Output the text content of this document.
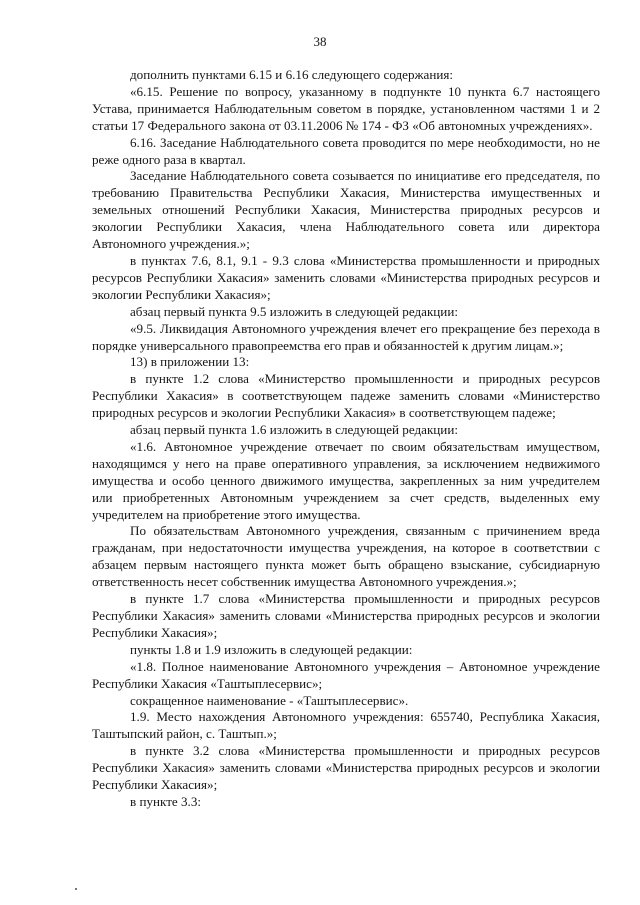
38

дополнить пунктами 6.15 и 6.16 следующего содержания:

«6.15. Решение по вопросу, указанному в подпункте 10 пункта 6.7 настоящего Устава, принимается Наблюдательным советом в порядке, установленном частями 1 и 2 статьи 17 Федерального закона от 03.11.2006 № 174 - ФЗ «Об автономных учреждениях».

6.16. Заседание Наблюдательного совета проводится по мере необходимости, но не реже одного раза в квартал.

Заседание Наблюдательного совета созывается по инициативе его председателя, по требованию Правительства Республики Хакасия, Министерства имущественных и земельных отношений Республики Хакасия, Министерства природных ресурсов и экологии Республики Хакасия, члена Наблюдательного совета или директора Автономного учреждения.»;

в пунктах 7.6, 8.1, 9.1 - 9.3 слова «Министерства промышленности и природных ресурсов Республики Хакасия» заменить словами «Министерства природных ресурсов и экологии Республики Хакасия»;

абзац первый пункта 9.5 изложить в следующей редакции:

«9.5. Ликвидация Автономного учреждения влечет его прекращение без перехода в порядке универсального правопреемства его прав и обязанностей к другим лицам.»;

13) в приложении 13:

в пункте 1.2 слова «Министерство промышленности и природных ресурсов Республики Хакасия» в соответствующем падеже заменить словами «Министерство природных ресурсов и экологии Республики Хакасия» в соответствующем падеже;

абзац первый пункта 1.6 изложить в следующей редакции:

«1.6. Автономное учреждение отвечает по своим обязательствам имуществом, находящимся у него на праве оперативного управления, за исключением недвижимого имущества и особо ценного движимого имущества, закрепленных за ним учредителем или приобретенных Автономным учреждением за счет средств, выделенных ему учредителем на приобретение этого имущества.

По обязательствам Автономного учреждения, связанным с причинением вреда гражданам, при недостаточности имущества учреждения, на которое в соответствии с абзацем первым настоящего пункта может быть обращено взыскание, субсидиарную ответственность несет собственник имущества Автономного учреждения.»;

в пункте 1.7 слова «Министерства промышленности и природных ресурсов Республики Хакасия» заменить словами «Министерства природных ресурсов и экологии Республики Хакасия»;

пункты 1.8 и 1.9 изложить в следующей редакции:

«1.8. Полное наименование Автономного учреждения – Автономное учреждение Республики Хакасия «Таштыплесервис»;

сокращенное наименование - «Таштыплесервис».

1.9. Место нахождения Автономного учреждения: 655740, Республика Хакасия, Таштыпский район, с. Таштып.»;

в пункте 3.2 слова «Министерства промышленности и природных ресурсов Республики Хакасия» заменить словами «Министерства природных ресурсов и экологии Республики Хакасия»;

в пункте 3.3:
